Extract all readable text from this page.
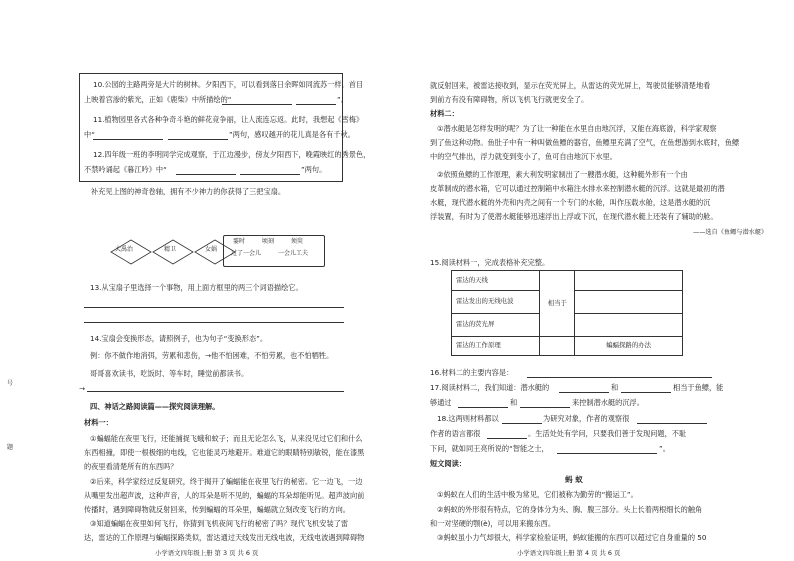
号
题
10.公园的主路两旁是大片的树林。夕阳西下，可以看到落日余晖如同流苏一样，首目
上映着宫渗的紫光，正如《鹿柴》中所描绘的“	”。
11.植物园里各式各种争奇斗艳的鲜花竞争丽，让人流连忘返。此时，我想起《雪梅》
中“	”两句，感叹越开的花儿真是各有千秋。
12.四年级一班的李明同学完成观察，于江边漫步，傍友夕阳西下，晚霞映红的秀景色，
不禁吟诵起《暮江吟》中“	”两句。
补充见上图的神奇卷轴，拥有不少神力的你获得了三把宝扇。
大禹治	精卫	女娲
霎时	顷刻	须臾
过了一会儿	一会儿工夫
13.从宝扇子里选择一个事物，用上面方框里的两三个词语描绘它。
14.宝扇会变换形态，请照例子，也为句子“变换形态”。
例：你不做作地消弭，劳累和悲伤，→他不怕困难，不怕劳累，也不怕牺牲。
哥哥喜欢读书，吃饭时、等车时，睡觉前都读书。
→
四、神话之路阅读篇——探究阅读理解。
材料一：
①蝙蝠能在夜里飞行，还能捕捉飞蛾和蚊子；而且无论怎么飞，从来没见过它们和什么
东西相撞，即使一根极细的电线，它也能灵巧地避开。难道它的眼睛特别敏锐，能在漆黑
的夜里看清楚所有的东西吗？
②后来，科学家经过反复研究，终于揭开了蝙蝠能在夜里飞行的秘密。它一边飞，一边
从嘴里发出超声波，这种声音，人的耳朵是听不见的，蝙蝠的耳朵却能听见。超声波向前
传播时，遇到障碍物就反射回来，传到蝙蝠的耳朵里，蝙蝠就立刻改变飞行的方向。
③知道蝙蝠在夜里如何飞行，你猜到飞机夜间飞行的秘密了吗？现代飞机安装了雷
达，雷达的工作原理与蝙蝠探路类似，雷达通过天线发出无线电波，无线电波遇到障碍物
小学语文四年级上册 第 3 页 共 6 页
就反射回来，被雷达接收到，显示在荧光屏上，从雷达的荧光屏上，驾驶员能够清楚地看
到前方有没有障碍物，所以飞机飞行就更安全了。
材料二：
①潜水艇是怎样发明的呢？为了让一种能在水里自由地沉浮，又能在海底游，科学家观察
到了鱼这种动物。鱼肚子中有一种叫做鱼鳔的器官，鱼鳔里充满了空气，在鱼想游到水底时，鱼鳔
中的空气排出，浮力就变到变小了，鱼可自由地沉下水里。
②依照鱼鳔的工作原理，素大利发明家制出了一艘潜水艇，这种艇外形有一个由
皮革制成的潜水箱，它可以通过控制箱中水箱注水排水来控制潜水艇的沉浮。这就是最初的潜
水艇，现代潜水艇的外壳和内壳之间有一个专门的水舱，叫作压载水舱，这是潜水艇的沉
浮装置，有时为了使潜水艇能够迅速浮出上浮或下沉，在现代潜水艇上还装有了辅助的舱。
——选自《鱼鳔与潜水艇》
15.阅读材料一，完成表格补充完整。
雷达的天线	相当于	
雷达发出的无线电波		
雷达的荧光屏		
雷达的工作原理		蝙蝠探路的办法
16.材料二的主要内容是：
17.阅读材料二，我们知道：潜水艇的	和	相当于鱼鳔，能
够通过	和	来控制潜水艇的沉浮。
18.这两则材料都以	为研究对象，作者的观察很
作者的语言都很	。生活处处有学问，只要我们善于发现问题，不耻
下问，就如同王亮所说的“智能之士，	”。
短文阅读：
蚂 蚁
①蚂蚁在人们的生活中极为常见，它们被称为勤劳的“搬运工”。
②蚂蚁的外形很有特点，它的身体分为头、胸、腹三部分。头上长着两根细长的触角
和一对坚硬的颚(è)，可以用来搬东西。
③蚂蚁虽小力气却很大，科学家检验证明，蚂蚁能搬的东西可以超过它自身重量的 50
小学语文四年级上册 第 4 页 共 6 页
